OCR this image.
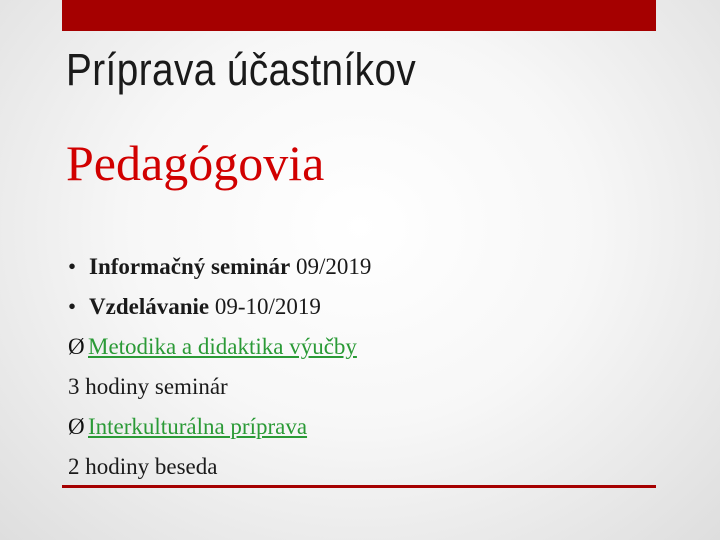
Príprava účastníkov
Pedagógovia
• Informačný seminár 09/2019
• Vzdelávanie 09-10/2019
Ø Metodika a didaktika výučby
3 hodiny seminár
Ø Interkulturálna príprava
2 hodiny beseda
